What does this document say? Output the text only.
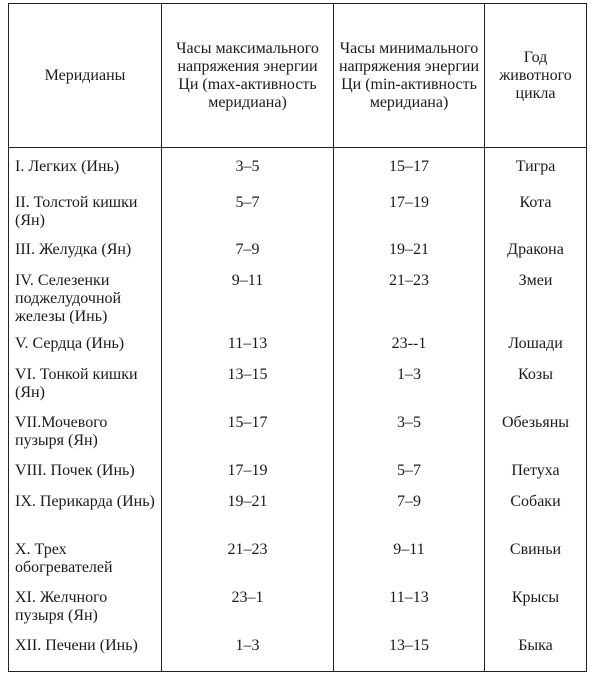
Меридианы	Часы максимального напряжения энергии Ци (max-активность меридиана)	Часы минимального напряжения энергии Ци (min-активность меридиана)	Год животного цикла
I. Легких (Инь)	3–5	15–17	Тигра
II. Толстой кишки (Ян)	5–7	17–19	Кота
III. Желудка (Ян)	7–9	19–21	Дракона
IV. Селезенки поджелудочной железы (Инь)	9–11	21–23	Змеи
V. Сердца (Инь)	11–13	23--1	Лошади
VI. Тонкой кишки (Ян)	13–15	1–3	Козы
VII.Мочевого пузыря (Ян)	15–17	3–5	Обезьяны
VIII. Почек (Инь)	17–19	5–7	Петуха
IX. Перикарда (Инь)	19–21	7–9	Собаки
X. Трех обогревателей	21–23	9–11	Свиньи
XI. Желчного пузыря (Ян)	23–1	11–13	Крысы
XII. Печени (Инь)	1–3	13–15	Быка
